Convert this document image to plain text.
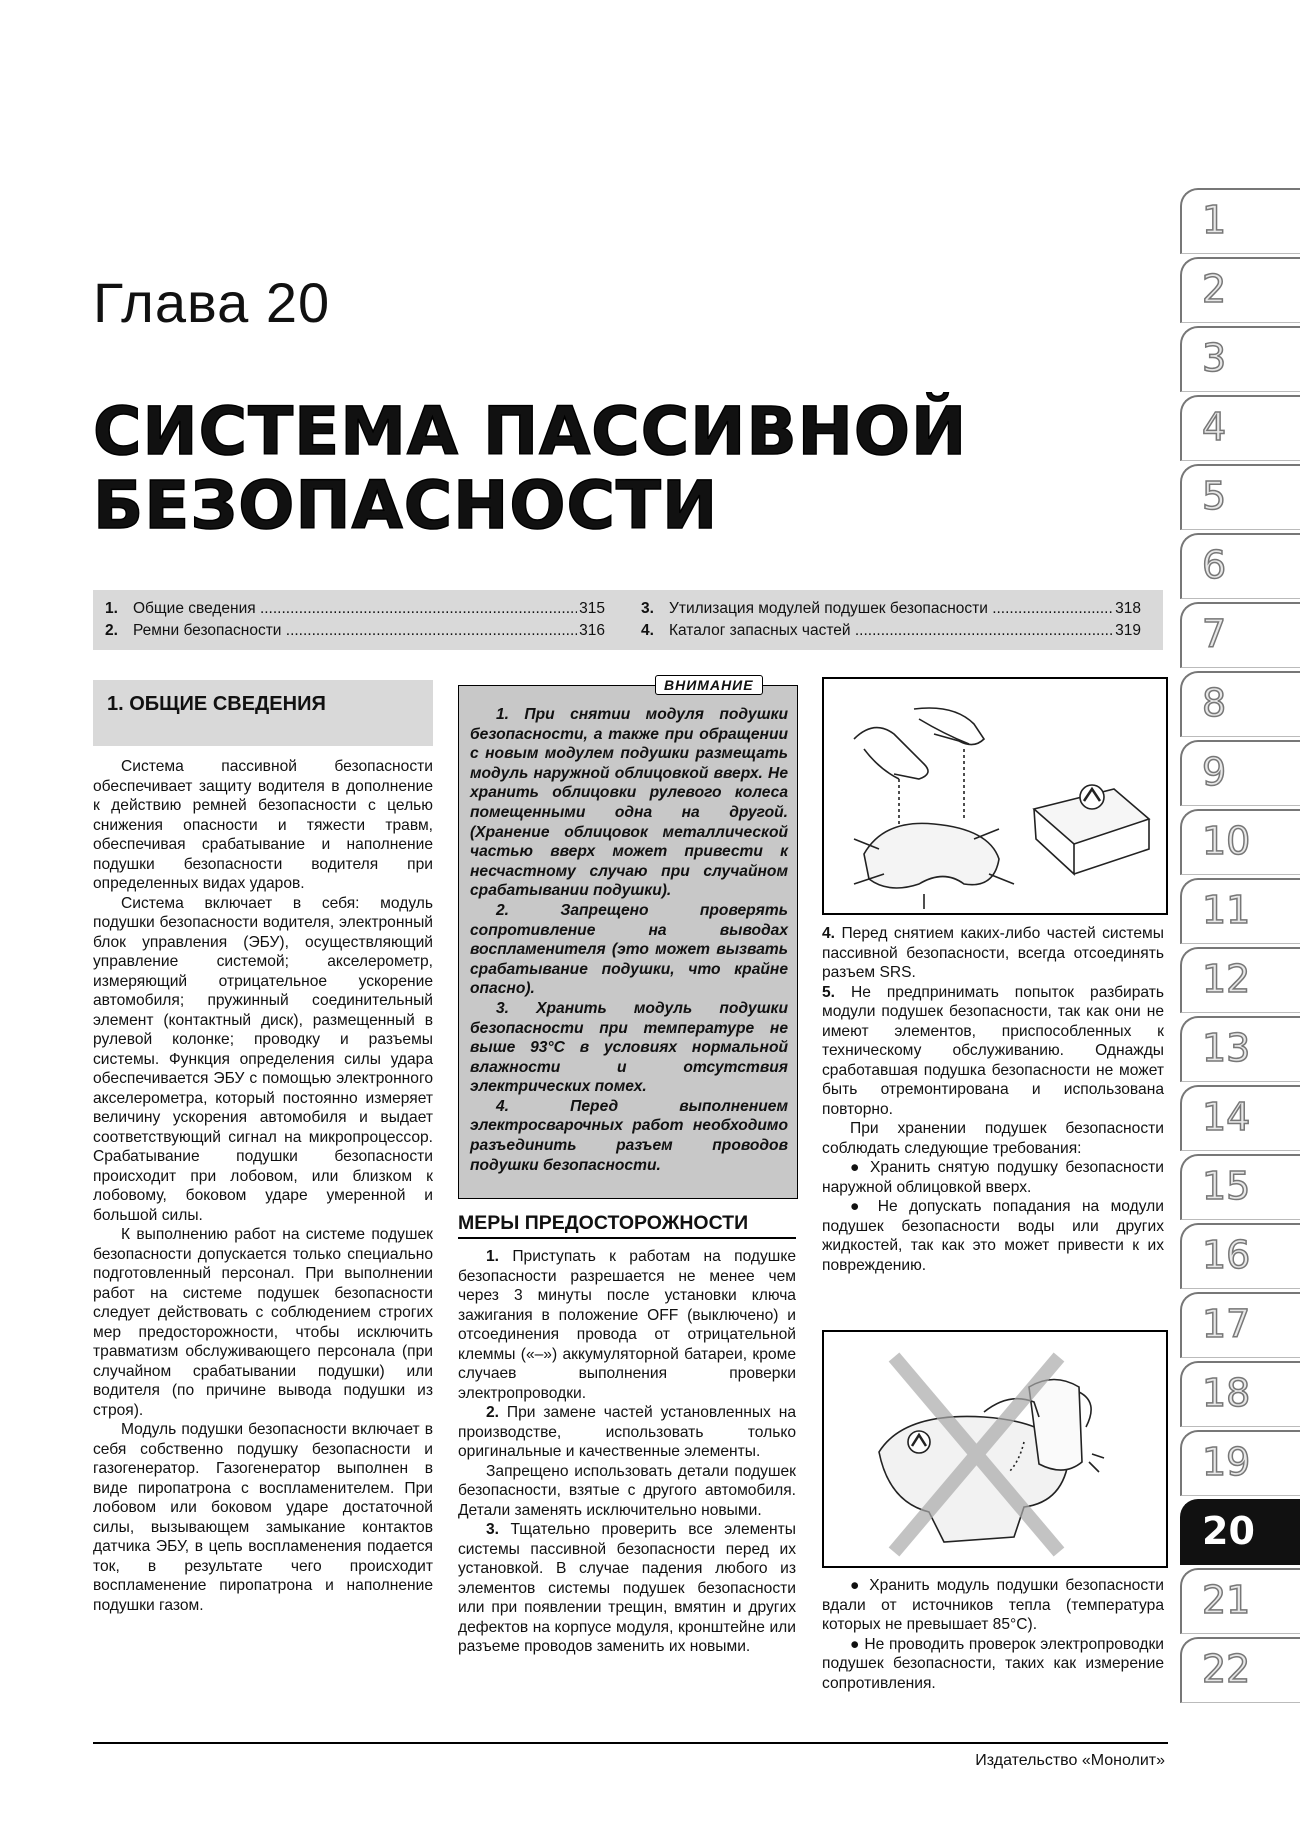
Глава 20
СИСТЕМА ПАССИВНОЙ
БЕЗОПАСНОСТИ
1. Общие сведения .....	315
2. Ремни безопасности .....	316
3. Утилизация модулей подушек безопасности .....	318
4. Каталог запасных частей .....	319
1. ОБЩИЕ СВЕДЕНИЯ

Система пассивной безопасности обеспечивает защиту водителя в дополнение к действию ремней безопасности с целью снижения опасности и тяжести травм, обеспечивая срабатывание и наполнение подушки безопасности водителя при определенных видах ударов.

Система включает в себя: модуль подушки безопасности водителя, электронный блок управления (ЭБУ), осуществляющий управление системой; акселерометр, измеряющий отрицательное ускорение автомобиля; пружинный соединительный элемент (контактный диск), размещенный в рулевой колонке; проводку и разъемы системы. Функция определения силы удара обеспечивается ЭБУ с помощью электронного акселерометра, который постоянно измеряет величину ускорения автомобиля и выдает соответствующий сигнал на микропроцессор. Срабатывание подушки безопасности происходит при лобовом, или близком к лобовому, боковом ударе умеренной и большой силы.

К выполнению работ на системе подушек безопасности допускается только специально подготовленный персонал. При выполнении работ на системе подушек безопасности следует действовать с соблюдением строгих мер предосторожности, чтобы исключить травматизм обслуживающего персонала (при случайном срабатывании подушки) или водителя (по причине вывода подушки из строя).

Модуль подушки безопасности включает в себя собственно подушку безопасности и газогенератор. Газогенератор выполнен в виде пиропатрона с воспламенителем. При лобовом или боковом ударе достаточной силы, вызывающем замыкание контактов датчика ЭБУ, в цепь воспламенения подается ток, в результате чего происходит воспламенение пиропатрона и наполнение подушки газом.

ВНИМАНИЕ

1. При снятии модуля подушки безопасности, а также при обращении с новым модулем подушки размещать модуль наружной облицовкой вверх. Не хранить облицовки рулевого колеса помещенными одна на другой. (Хранение облицовок металлической частью вверх может привести к несчастному случаю при случайном срабатывании подушки).

2. Запрещено проверять сопротивление на выводах воспламенителя (это может вызвать срабатывание подушки, что крайне опасно).

3. Хранить модуль подушки безопасности при температуре не выше 93°С в условиях нормальной влажности и отсутствия электрических помех.

4. Перед выполнением электросварочных работ необходимо разъединить разъем проводов подушки безопасности.

МЕРЫ ПРЕДОСТОРОЖНОСТИ

1. Приступать к работам на подушке безопасности разрешается не менее чем через 3 минуты после установки ключа зажигания в положение OFF (выключено) и отсоединения провода от отрицательной клеммы («–») аккумуляторной батареи, кроме случаев выполнения проверки электропроводки.

2. При замене частей установленных на производстве, использовать только оригинальные и качественные элементы.

Запрещено использовать детали подушек безопасности, взятые с другого автомобиля. Детали заменять исключительно новыми.

3. Тщательно проверить все элементы системы пассивной безопасности перед их установкой. В случае падения любого из элементов системы подушек безопасности или при появлении трещин, вмятин и других дефектов на корпусе модуля, кронштейне или разъеме проводов заменить их новыми.

4. Перед снятием каких-либо частей системы пассивной безопасности, всегда отсоединять разъем SRS.

5. Не предпринимать попыток разбирать модули подушек безопасности, так как они не имеют элементов, приспособленных к техническому обслуживанию. Однажды сработавшая подушка безопасности не может быть отремонтирована и использована повторно.

При хранении подушек безопасности соблюдать следующие требования:

● Хранить снятую подушку безопасности наружной облицовкой вверх.

● Не допускать попадания на модули подушек безопасности воды или других жидкостей, так как это может привести к их повреждению.

● Хранить модуль подушки безопасности вдали от источников тепла (температура которых не превышает 85°С).

● Не проводить проверок электропроводки подушек безопасности, таких как измерение сопротивления.

1
2
3
4
5
6
7
8
9
10
11
12
13
14
15
16
17
18
19
20
21
22
Издательство «Монолит»
